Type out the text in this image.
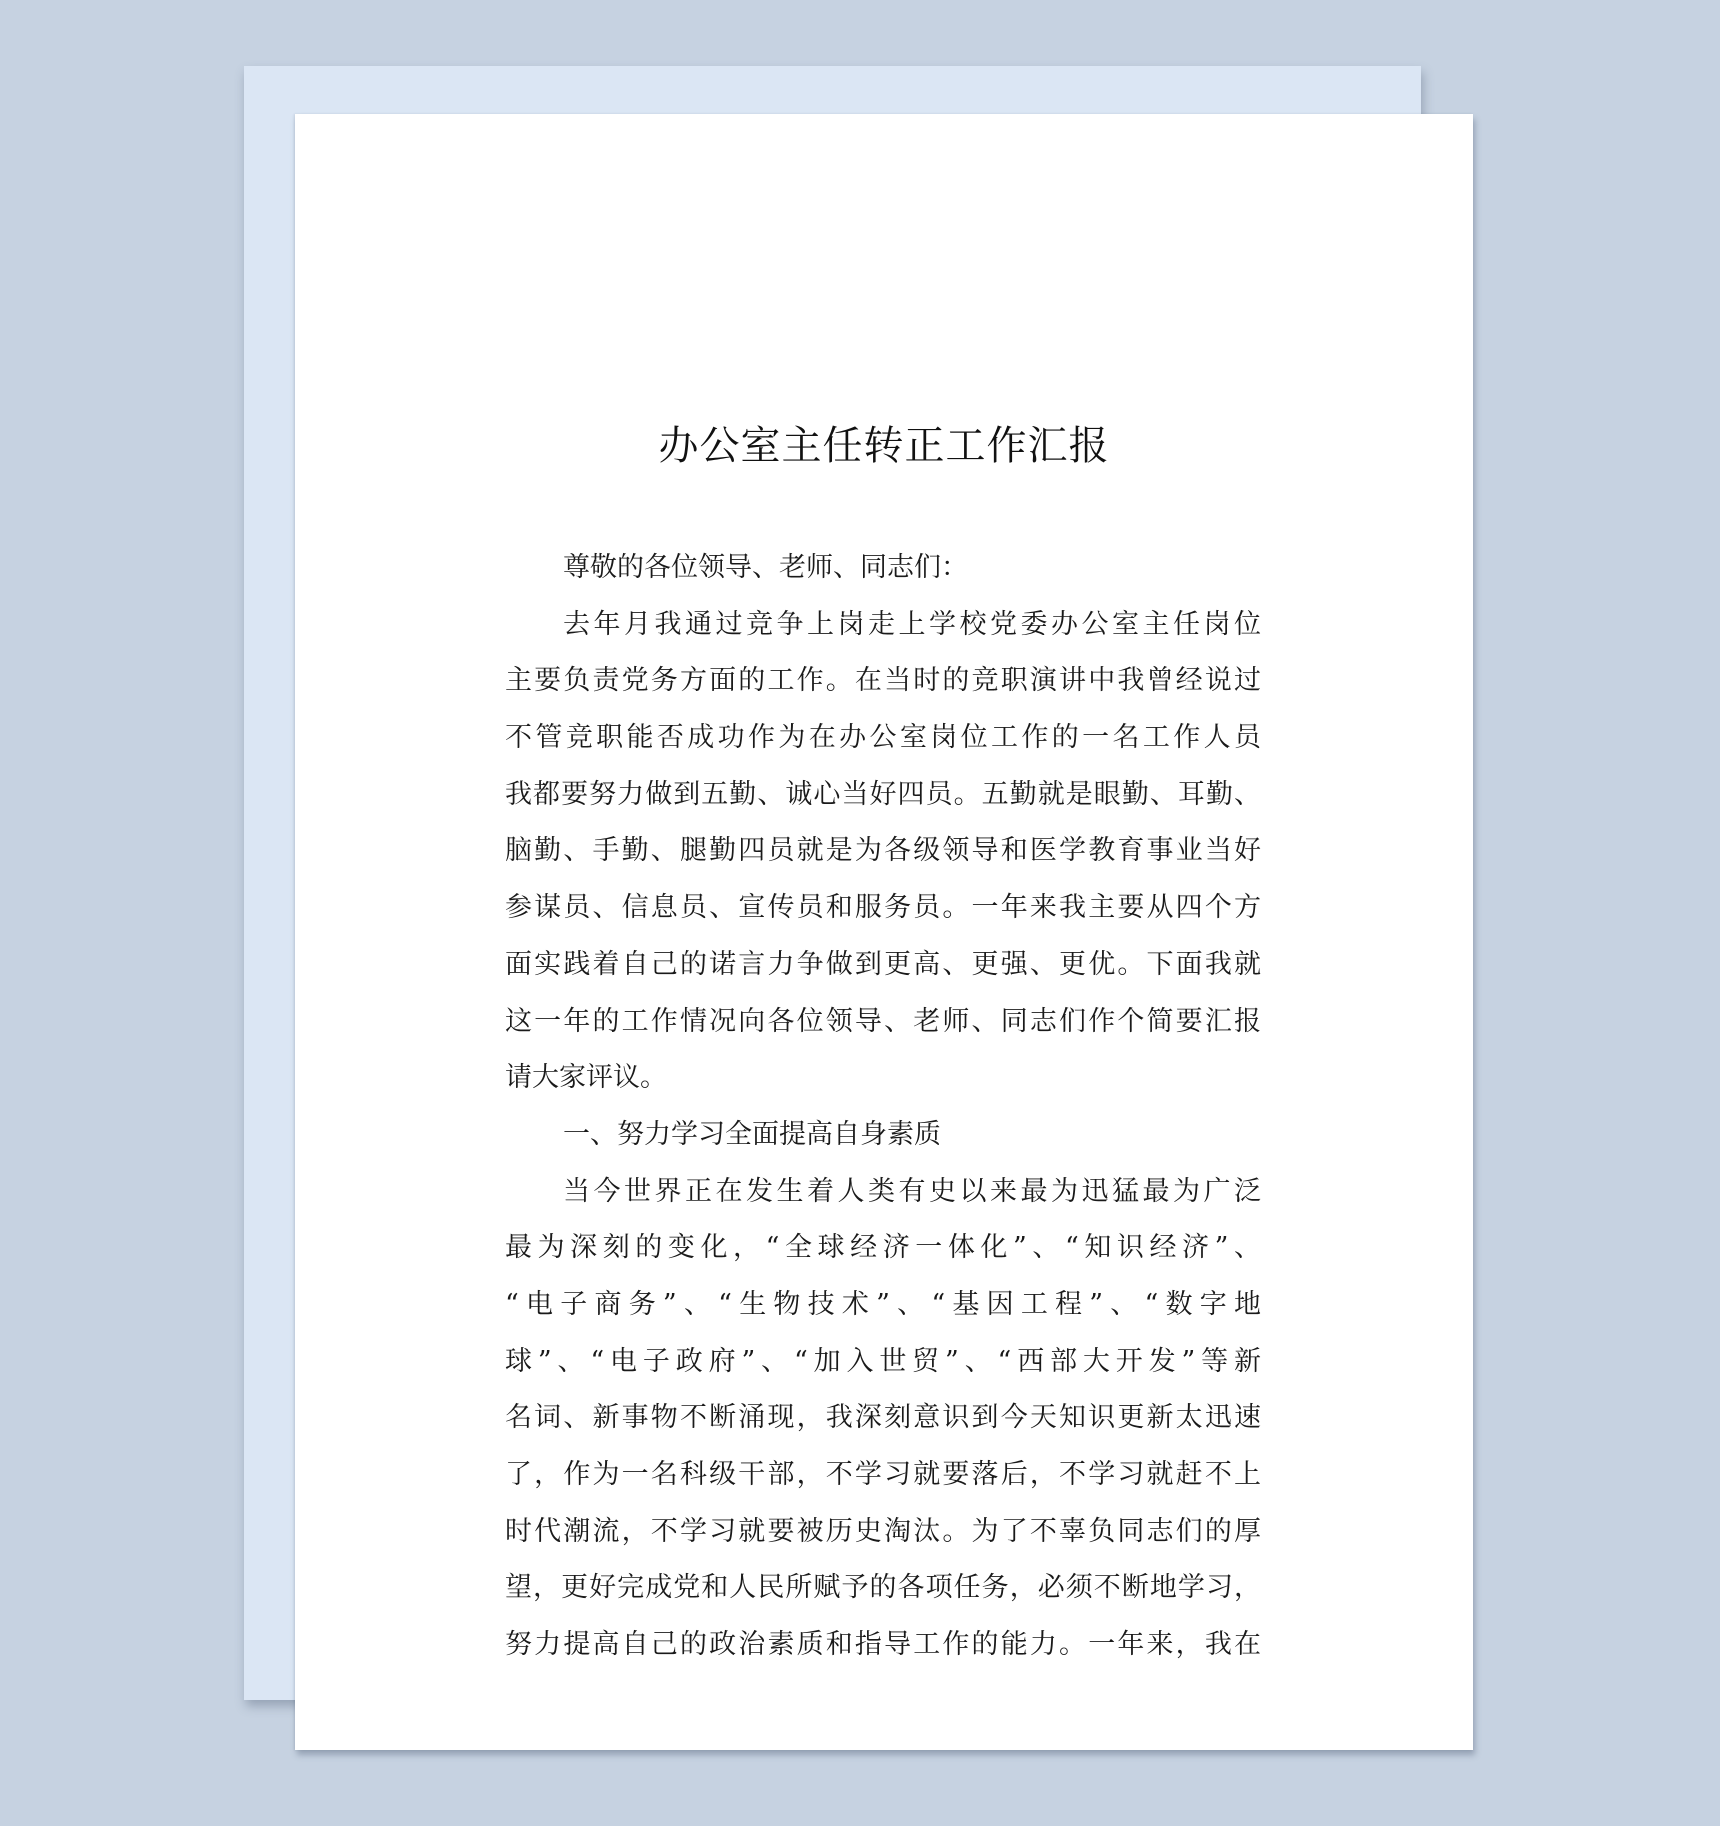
办公室主任转正工作汇报
尊敬的各位领导、老师、同志们：
去年月我通过竞争上岗走上学校党委办公室主任岗位
主要负责党务方面的工作。在当时的竞职演讲中我曾经说过
不管竞职能否成功作为在办公室岗位工作的一名工作人员
我都要努力做到五勤、诚心当好四员。五勤就是眼勤、耳勤、
脑勤、手勤、腿勤四员就是为各级领导和医学教育事业当好
参谋员、信息员、宣传员和服务员。一年来我主要从四个方
面实践着自己的诺言力争做到更高、更强、更优。下面我就
这一年的工作情况向各位领导、老师、同志们作个简要汇报
请大家评议。
一、努力学习全面提高自身素质
当今世界正在发生着人类有史以来最为迅猛最为广泛
最为深刻的变化，“全球经济一体化”、“知识经济”、
“电子商务”、“生物技术”、“基因工程”、“数字地
球”、“电子政府”、“加入世贸”、“西部大开发”等新
名词、新事物不断涌现，我深刻意识到今天知识更新太迅速
了，作为一名科级干部，不学习就要落后，不学习就赶不上
时代潮流，不学习就要被历史淘汰。为了不辜负同志们的厚
望，更好完成党和人民所赋予的各项任务，必须不断地学习，
努力提高自己的政治素质和指导工作的能力。一年来，我在
